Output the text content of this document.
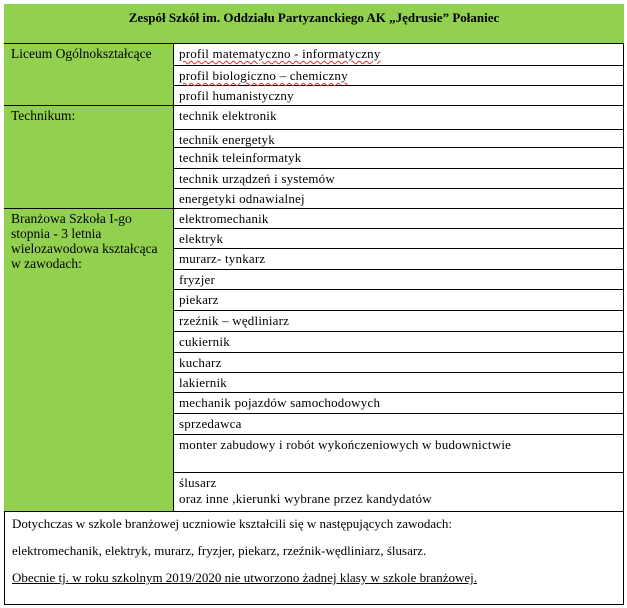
Zespół Szkół im. Oddziału Partyzanckiego AK „Jędrusie” Połaniec
Liceum Ogólnokształcące	profil matematyczno - informatyczny
profil biologiczno – chemiczny
profil humanistyczny
Technikum:	technik elektronik
technik energetyk
technik teleinformatyk
technik urządzeń i systemów
energetyki odnawialnej
Branżowa Szkoła I-go stopnia - 3 letnia wielozawodowa kształcąca w zawodach:
elektromechanik
elektryk
murarz- tynkarz
fryzjer
piekarz
rzeźnik – wędliniarz
cukiernik
kucharz
lakiernik
mechanik pojazdów samochodowych
sprzedawca
monter zabudowy i robót wykończeniowych w budownictwie
ślusarz
oraz inne ,kierunki wybrane przez kandydatów
Dotychczas w szkole branżowej uczniowie kształcili się w następujących zawodach:
elektromechanik, elektryk, murarz, fryzjer, piekarz, rzeźnik-wędliniarz, ślusarz.
Obecnie tj. w roku szkolnym 2019/2020 nie utworzono żadnej klasy w szkole branżowej.
